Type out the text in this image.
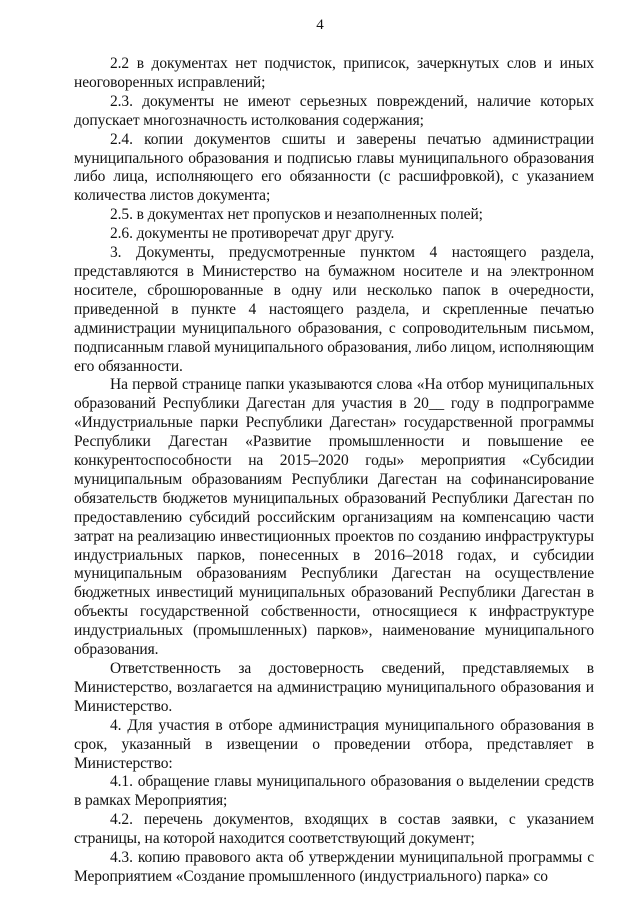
4

2.2 в документах нет подчисток, приписок, зачеркнутых слов и иных неоговоренных исправлений;

2.3. документы не имеют серьезных повреждений, наличие которых допускает многозначность истолкования содержания;

2.4. копии документов сшиты и заверены печатью администрации муниципального образования и подписью главы муниципального образования либо лица, исполняющего его обязанности (с расшифровкой), с указанием количества листов документа;

2.5. в документах нет пропусков и незаполненных полей;

2.6. документы не противоречат друг другу.

3. Документы, предусмотренные пунктом 4 настоящего раздела, представляются в Министерство на бумажном носителе и на электронном носителе, сброшюрованные в одну или несколько папок в очередности, приведенной в пункте 4 настоящего раздела, и скрепленные печатью администрации муниципального образования, с сопроводительным письмом, подписанным главой муниципального образования, либо лицом, исполняющим его обязанности.

На первой странице папки указываются слова «На отбор муниципальных образований Республики Дагестан для участия в 20__ году в подпрограмме «Индустриальные парки Республики Дагестан» государственной программы Республики Дагестан «Развитие промышленности и повышение ее конкурентоспособности на 2015–2020 годы» мероприятия «Субсидии муниципальным образованиям Республики Дагестан на софинансирование обязательств бюджетов муниципальных образований Республики Дагестан по предоставлению субсидий российским организациям на компенсацию части затрат на реализацию инвестиционных проектов по созданию инфраструктуры индустриальных парков, понесенных в 2016–2018 годах, и субсидии муниципальным образованиям Республики Дагестан на осуществление бюджетных инвестиций муниципальных образований Республики Дагестан в объекты государственной собственности, относящиеся к инфраструктуре индустриальных (промышленных) парков», наименование муниципального образования.

Ответственность за достоверность сведений, представляемых в Министерство, возлагается на администрацию муниципального образования и Министерство.

4. Для участия в отборе администрация муниципального образования в срок, указанный в извещении о проведении отбора, представляет в Министерство:

4.1. обращение главы муниципального образования о выделении средств в рамках Мероприятия;

4.2. перечень документов, входящих в состав заявки, с указанием страницы, на которой находится соответствующий документ;

4.3. копию правового акта об утверждении муниципальной программы с Мероприятием «Создание промышленного (индустриального) парка» со
